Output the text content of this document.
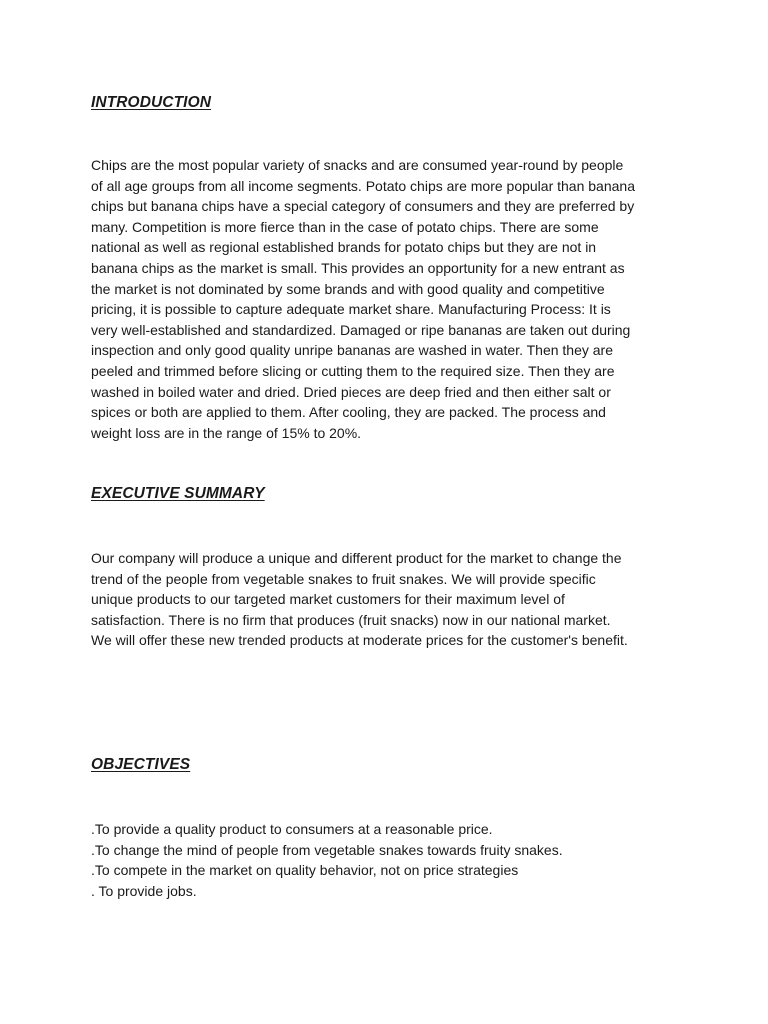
INTRODUCTION
Chips are the most popular variety of snacks and are consumed year-round by people
of all age groups from all income segments. Potato chips are more popular than banana
chips but banana chips have a special category of consumers and they are preferred by
many. Competition is more fierce than in the case of potato chips. There are some
national as well as regional established brands for potato chips but they are not in
banana chips as the market is small. This provides an opportunity for a new entrant as
the market is not dominated by some brands and with good quality and competitive
pricing, it is possible to capture adequate market share. Manufacturing Process: It is
very well-established and standardized. Damaged or ripe bananas are taken out during
inspection and only good quality unripe bananas are washed in water. Then they are
peeled and trimmed before slicing or cutting them to the required size. Then they are
washed in boiled water and dried. Dried pieces are deep fried and then either salt or
spices or both are applied to them. After cooling, they are packed. The process and
weight loss are in the range of 15% to 20%.
EXECUTIVE SUMMARY
Our company will produce a unique and different product for the market to change the
trend of the people from vegetable snakes to fruit snakes. We will provide specific
unique products to our targeted market customers for their maximum level of
satisfaction. There is no firm that produces (fruit snacks) now in our national market.
We will offer these new trended products at moderate prices for the customer's benefit.
OBJECTIVES
.To provide a quality product to consumers at a reasonable price.
.To change the mind of people from vegetable snakes towards fruity snakes.
.To compete in the market on quality behavior, not on price strategies
. To provide jobs.
